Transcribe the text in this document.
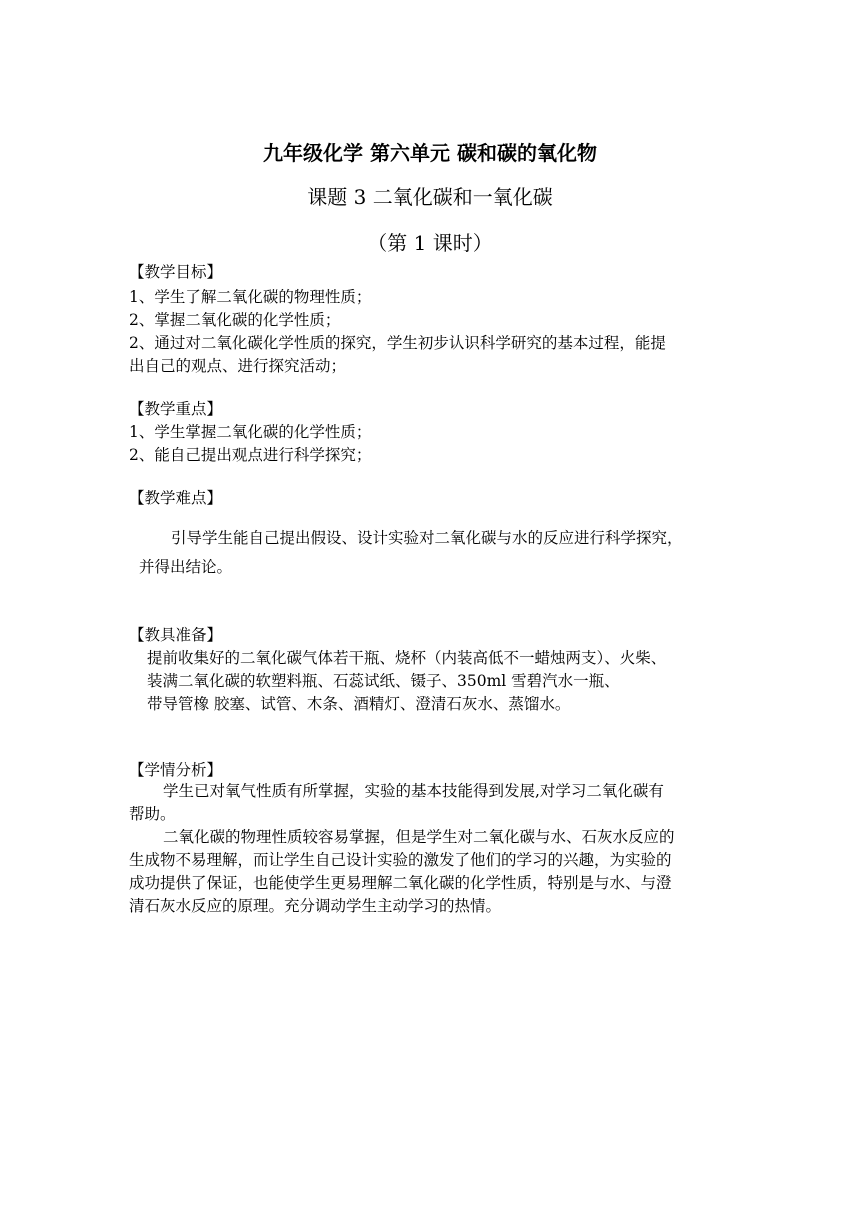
九年级化学 第六单元 碳和碳的氧化物
课题 3 二氧化碳和一氧化碳
（第 1 课时）
【教学目标】
1、学生了解二氧化碳的物理性质；
2、掌握二氧化碳的化学性质；
2、通过对二氧化碳化学性质的探究，学生初步认识科学研究的基本过程，能提
出自己的观点、进行探究活动；
【教学重点】
1、学生掌握二氧化碳的化学性质；
2、能自己提出观点进行科学探究；
【教学难点】
引导学生能自己提出假设、设计实验对二氧化碳与水的反应进行科学探究，
并得出结论。
【教具准备】
提前收集好的二氧化碳气体若干瓶、烧杯（内装高低不一蜡烛两支）、火柴、
装满二氧化碳的软塑料瓶、石蕊试纸、镊子、350ml 雪碧汽水一瓶、
带导管橡 胶塞、试管、木条、酒精灯、澄清石灰水、蒸馏水。
【学情分析】
学生已对氧气性质有所掌握，实验的基本技能得到发展,对学习二氧化碳有
帮助。
二氧化碳的物理性质较容易掌握，但是学生对二氧化碳与水、石灰水反应的
生成物不易理解，而让学生自己设计实验的激发了他们的学习的兴趣，为实验的
成功提供了保证，也能使学生更易理解二氧化碳的化学性质，特别是与水、与澄
清石灰水反应的原理。充分调动学生主动学习的热情。
